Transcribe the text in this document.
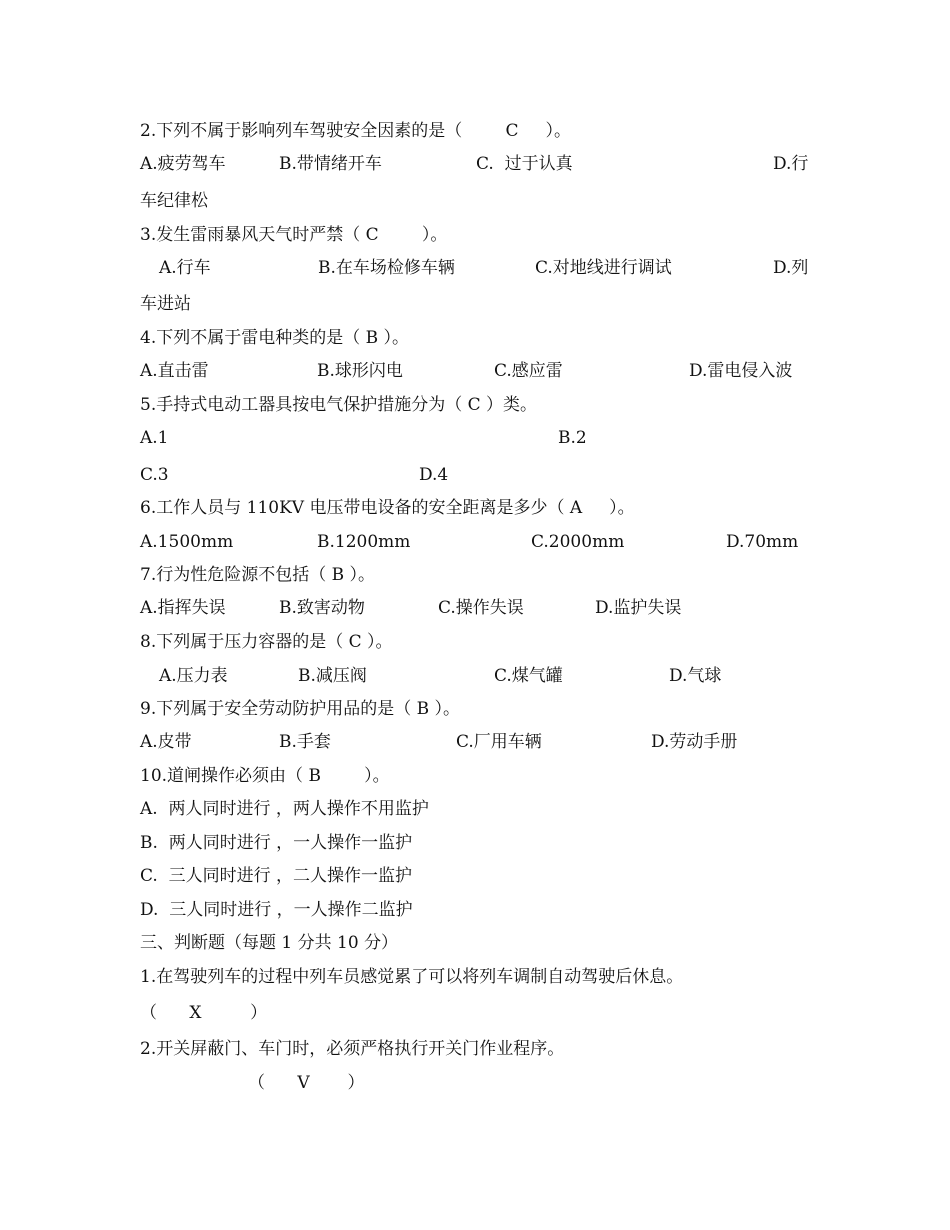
2.下列不属于影响列车驾驶安全因素的是（        C     ）。
A.疲劳驾车	B.带情绪开车	C.  过于认真	D.行
车纪律松
3.发生雷雨暴风天气时严禁（ C        ）。
A.行车	B.在车场检修车辆	C.对地线进行调试	D.列
车进站
4.下列不属于雷电种类的是（ B ）。
A.直击雷	B.球形闪电	C.感应雷	D.雷电侵入波
5.手持式电动工器具按电气保护措施分为（ C ）类。
A.1	B.2
C.3	D.4
6.工作人员与 110KV 电压带电设备的安全距离是多少（ A     ）。
A.1500mm	B.1200mm	C.2000mm	D.70mm
7.行为性危险源不包括（ B ）。
A.指挥失误	B.致害动物	C.操作失误	D.监护失误
8.下列属于压力容器的是（ C ）。
A.压力表	B.减压阀	C.煤气罐	D.气球
9.下列属于安全劳动防护用品的是（ B ）。
A.皮带	B.手套	C.厂用车辆	D.劳动手册
10.道闸操作必须由（ B        ）。
A.  两人同时进行 ，两人操作不用监护
B.  两人同时进行 ，一人操作一监护
C.  三人同时进行 ，二人操作一监护
D.  三人同时进行 ，一人操作二监护
三、判断题（每题 1 分共 10 分）
1.在驾驶列车的过程中列车员感觉累了可以将列车调制自动驾驶后休息。
（      X         ）
2.开关屏蔽门、车门时，必须严格执行开关门作业程序。
（      V       ）
